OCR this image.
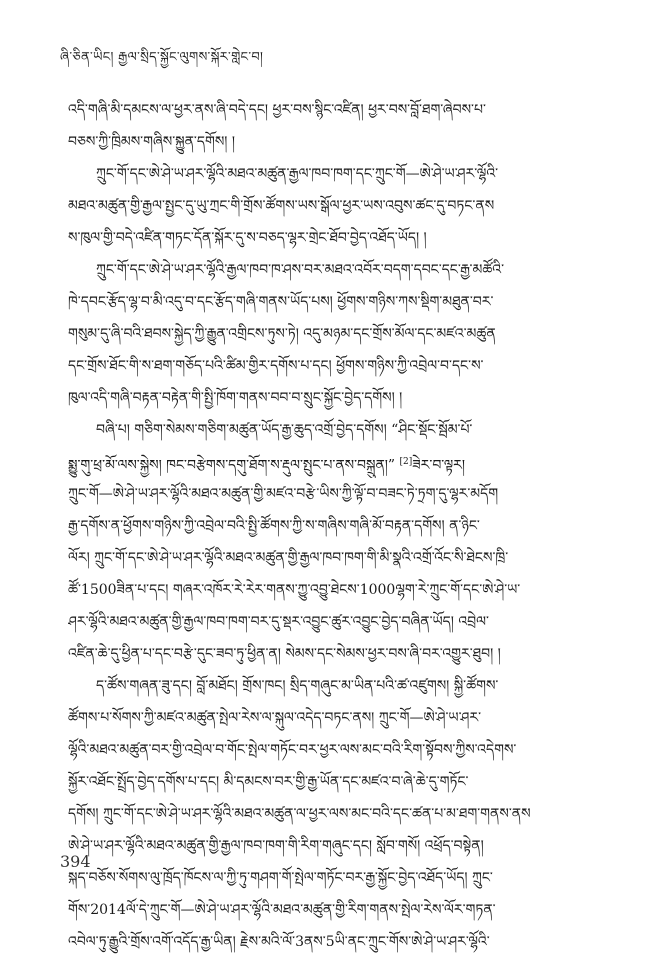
ཞི་ཅིན་ཡིང། རྒྱལ་སྲིད་སྐྱོང་ལུགས་སྐོར་གླེང་བ།
འདི་གཞི་མི་དམངས་ལ་ཕྱར་ནས་ཞི་བདེ་དང། ཕྱར་བས་སྙིང་འཛིན། ཕྱར་བས་བློ་ཐག་ཞེབས་པ་
བཅས་ཀྱི་ཁྲིམས་གཞིས་སྐྱུན་དགོས། །
ཀྲུང་གོ་དང་ཨེ་ཤེ་ཡ་ཤར་ལྷོའི་མཐའ་མཚུན་རྒྱལ་ཁབ་ཁག་དང་ཀྲུང་གོ—ཨེ་ཤེ་ཡ་ཤར་ལྷོའི་
མཐའ་མཚུན་གྱི་རྒྱལ་སྤྱང་དུ་ཡུ་ཀྲང་གི་གྲོས་ཚོགས་ཡས་སྒོལ་ཕྱར་ཡས་འབུས་ཚང་དུ་བཏང་ནས
ས་ཁུལ་གྱི་བདེ་འཛིན་གཏང་དོན་སྐོར་དུ་ས་བཅད་ལྷར་གྲེང་ཐོབ་བྱེད་འཐོད་ཡོད། །
ཀྲུང་གོ་དང་ཨེ་ཤེ་ཡ་ཤར་ལྷོའི་རྒྱལ་ཁབ་ཁ་ཤས་བར་མཐའ་འབོར་བདག་དབང་དང་རྒྱ་མཚོའི་
ཁེ་དབང་རྩོད་ལྷ་བ་མི་འདུ་བ་དང་རྩོད་གཞི་གནས་ཡོད་པས། ཕྱོགས་གཉིས་ཀས་སྡིག་མཐུན་བར་
གསུམ་དུ་ཞི་བའི་ཐབས་སྐྱེད་ཀྱི་རྒྱུན་འགྲིངས་ཏུས་ཏེ། འདུ་མཉམ་དང་གྲོས་མོལ་དང་མཛའ་མཚུན
དང་གྲོས་ཐོང་གི་ས་ཐག་གཅོད་པའི་ཚིམ་གྱིར་དགོས་པ་དང། ཕྱོགས་གཉིས་ཀྱི་འབྲེལ་བ་དང་ས་
ཁུལ་འདི་གཞི་བརྟན་བརྟེན་གི་སྤྱི་ཁོག་གནས་བབ་བ་སྲུང་སྐྱོང་བྱེད་དགོས། །
བཞི་པ། གཅིག་སེམས་གཅིག་མཚུན་ཡོད་རྒྱ་ཆུད་འགྲོ་བྱེད་དགོས། “ཤིང་སྡོང་སྦོམ་པོ་
སྨྱུ་གུ་ཕྲ་མོ་ལས་སྐྱེས། ཁང་བརྩེགས་དགུ་ཐོག་ས་རྡུལ་སྤུང་པ་ནས་བསྐྲུན།” [2]ཟེར་བ་ལྟར།
ཀྲུང་གོ—ཨེ་ཤེ་ཡ་ཤར་ལྷོའི་མཐའ་མཚུན་གྱི་མཛའ་བརྩེ་ཡིས་ཀྱི་ལྟོ་བ་བཟང་ཏེ་ཏྲག་དུ་ལྷར་མདོག
རྒྱ་དགོས་ན་ཕྱོགས་གཉིས་ཀྱི་འབྲེལ་བའི་སྤྱི་ཚོགས་ཀྱི་ས་གཞིས་གཞི་མོ་བརྟན་དགོས། ན་ཉིང་
ལོར། ཀྲུང་གོ་དང་ཨེ་ཤེ་ཡ་ཤར་ལྷོའི་མཐའ་མཚུན་གྱི་རྒྱལ་ཁབ་ཁག་གི་མི་སྣའི་འགྲོ་འོང་སི་ཐེངས་ཁྲི་
ཚོ་1500ཟིན་པ་དང། གཞར་འཁོར་རེ་རེར་གནས་ཀྱུ་འབྱུ་ཐེངས་1000ལྷག་རེ་ཀྲུང་གོ་དང་ཨེ་ཤེ་ཡ་
ཤར་ལྷོའི་མཐའ་མཚུན་གྱི་རྒྱལ་ཁབ་ཁག་བར་དུ་སྡར་འབྱུང་ཚུར་འབྱུང་བྱེད་བཞིན་ཡོད། འབྲེལ་
འཛིན་ཆེ་དུ་ཕྱིན་པ་དང་བརྩེ་དུང་ཟབ་ཏུ་ཕྱིན་ན། སེམས་དང་སེམས་ཕྱར་བས་ཞི་བར་འགྱུར་ཐུབ། །
ད་ཚོས་གཞན་ཟུ་དང། བློ་མཐོང། གྲོས་ཁང། སྲིད་གཞུང་མ་ཡིན་པའི་ཚ་འཛུགས། སྐྱི་ཚོགས་
ཚོགས་པ་སོགས་ཀྱི་མཛའ་མཚུན་སྤེལ་རེས་ལ་སྐུལ་འདེད་བཏང་ནས། ཀྲུང་གོ—ཨེ་ཤེ་ཡ་ཤར་
ལྷོའི་མཐའ་མཚུན་བར་གྱི་འབྲེལ་བ་གོང་སྤེལ་གཏོང་བར་ཕྱར་ལས་མང་བའི་རིག་སྟོབས་ཀྱིས་འདེགས་
སྐྱོར་འཐོང་སྤྲོད་བྱེད་དགོས་པ་དང། མི་དམངས་བར་གྱི་རྒྱ་ཡོན་དང་མཛའ་བ་ཞེ་ཆེ་དུ་གཏོང་
དགོས། ཀྲུང་གོ་དང་ཨེ་ཤེ་ཡ་ཤར་ལྷོའི་མཐའ་མཚུན་ལ་ཕྱར་ལས་མང་བའི་དང་ཚན་པ་མ་ཐག་གནས་ནས
ཨེ་ཤེ་ཡ་ཤར་ལྷོའི་མཐའ་མཚུན་གྱི་རྒྱལ་ཁབ་ཁག་གི་རིག་གཞུང་དང། སློབ་གསོ། འཕྲོད་བསྟེན།
སྐད་བཅོས་སོགས་ལུ་ཁྲོད་ཁོངས་ལ་ཀྱི་ཏུ་གཤག་གོ་སྤེལ་གཏོང་བར་རྒྱ་སྐྱོང་བྱེད་འཐོད་ཡོད། ཀྲུང་
གོས་2014ལོ་དེ་ཀྲུང་གོ—ཨེ་ཤེ་ཡ་ཤར་ལྷོའི་མཐའ་མཚུན་གྱི་རིག་གནས་སྤེལ་རེས་ལོར་གཏན་
འབེལ་ཏུ་རྒྱུའི་གྲོས་འགོ་འདོད་རྒྱ་ཡིན། རྗེས་མའི་ལོ་3ནས་5ཡི་ནང་ཀྲུང་གོས་ཨེ་ཤེ་ཡ་ཤར་ལྷོའི་
394
